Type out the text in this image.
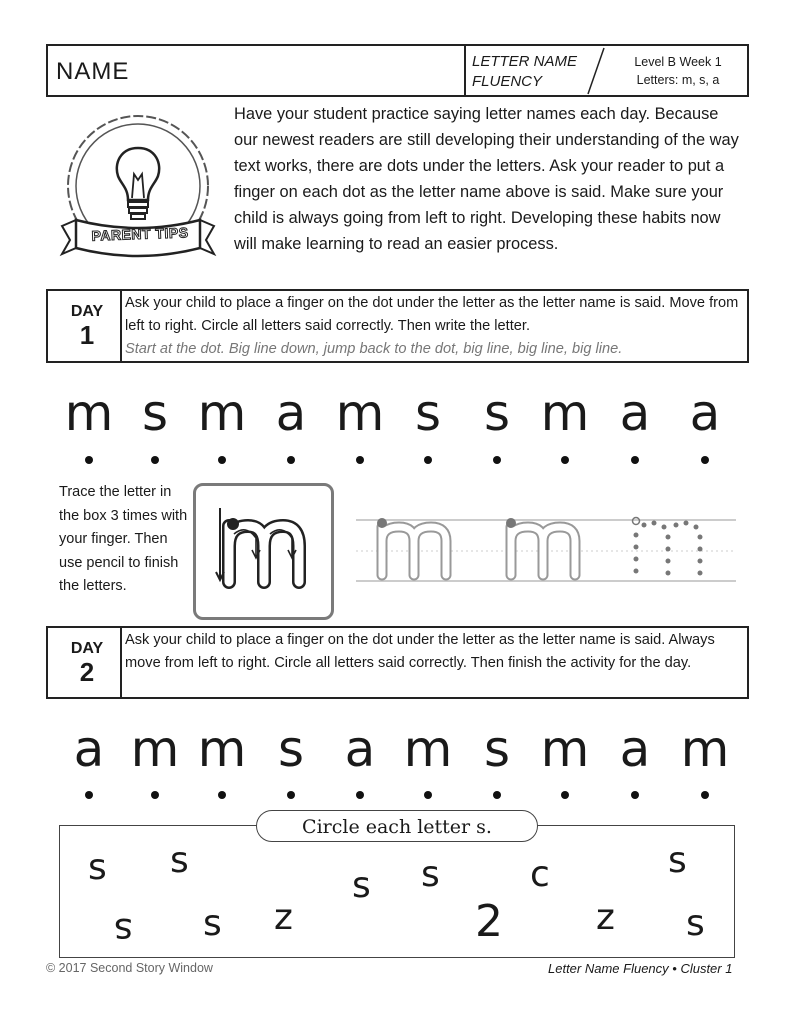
NAME	LETTER NAME
FLUENCY
Level B Week 1
Letters: m, s, a
PARENT TIPS
Have your student practice saying letter names each day. Because our newest readers are still developing their understanding of the way text works, there are dots under the letters. Ask your reader to put a finger on each dot as the letter name above is said. Make sure your child is always going from left to right. Developing these habits now will make learning to read an easier process.
DAY
1
Ask your child to place a finger on the dot under the letter as the letter name is said. Move from left to right. Circle all letters said correctly. Then write the letter.
Start at the dot. Big line down, jump back to the dot, big line, big line, big line.
m s m a m s s m a a
Trace the letter in the box 3 times with your finger. Then use pencil to finish the letters.
DAY
2
Ask your child to place a finger on the dot under the letter as the letter name is said. Always move from left to right. Circle all letters said correctly. Then finish the activity for the day.
a m m s a m s m a m
Circle each letter s.
s s
s s	c	s
s s z	2	z s
© 2017 Second Story Window	Letter Name Fluency • Cluster 1
